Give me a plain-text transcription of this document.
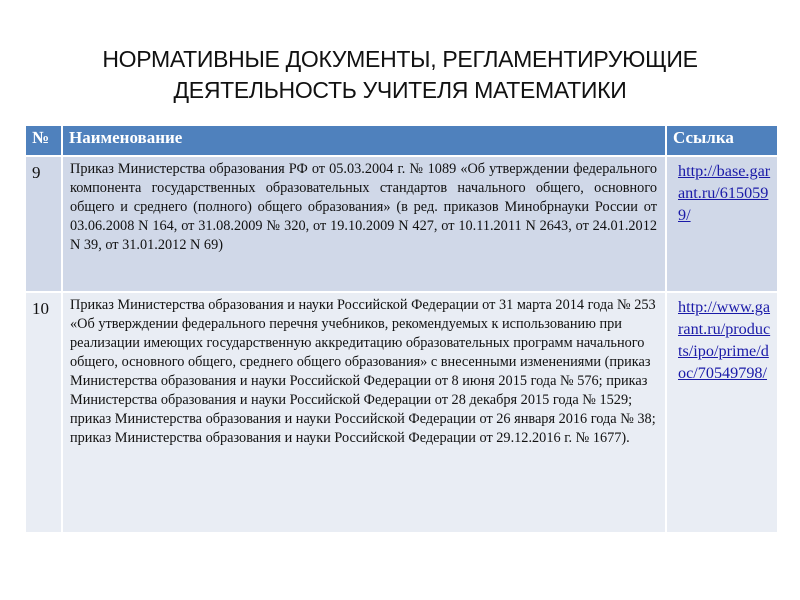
НОРМАТИВНЫЕ ДОКУМЕНТЫ, РЕГЛАМЕНТИРУЮЩИЕ
ДЕЯТЕЛЬНОСТЬ УЧИТЕЛЯ МАТЕМАТИКИ
№	Наименование	Ссылка
9	Приказ Министерства образования РФ от 05.03.2004 г. № 1089 «Об утверждении федерального компонента государственных образовательных стандартов начального общего, основного общего и среднего (полного) общего образования» (в ред. приказов Минобрнауки России от 03.06.2008 N 164, от 31.08.2009 № 320, от 19.10.2009 N 427, от 10.11.2011 N 2643, от 24.01.2012 N 39, от 31.01.2012 N 69)	http://base.garant.ru/6150599/
10	Приказ Министерства образования и науки Российской Федерации от 31 марта 2014 года № 253 «Об утверждении федерального перечня учебников, рекомендуемых к использованию при реализации имеющих государственную аккредитацию образовательных программ начального общего, основного общего, среднего общего образования» с внесенными изменениями (приказ Министерства образования и науки Российской Федерации от 8 июня 2015 года № 576; приказ Министерства образования и науки Российской Федерации от 28 декабря 2015 года № 1529; приказ Министерства образования и науки Российской Федерации от 26 января 2016 года № 38; приказ Министерства образования и науки Российской Федерации от 29.12.2016 г. № 1677).	http://www.garant.ru/products/ipo/prime/doc/70549798/
